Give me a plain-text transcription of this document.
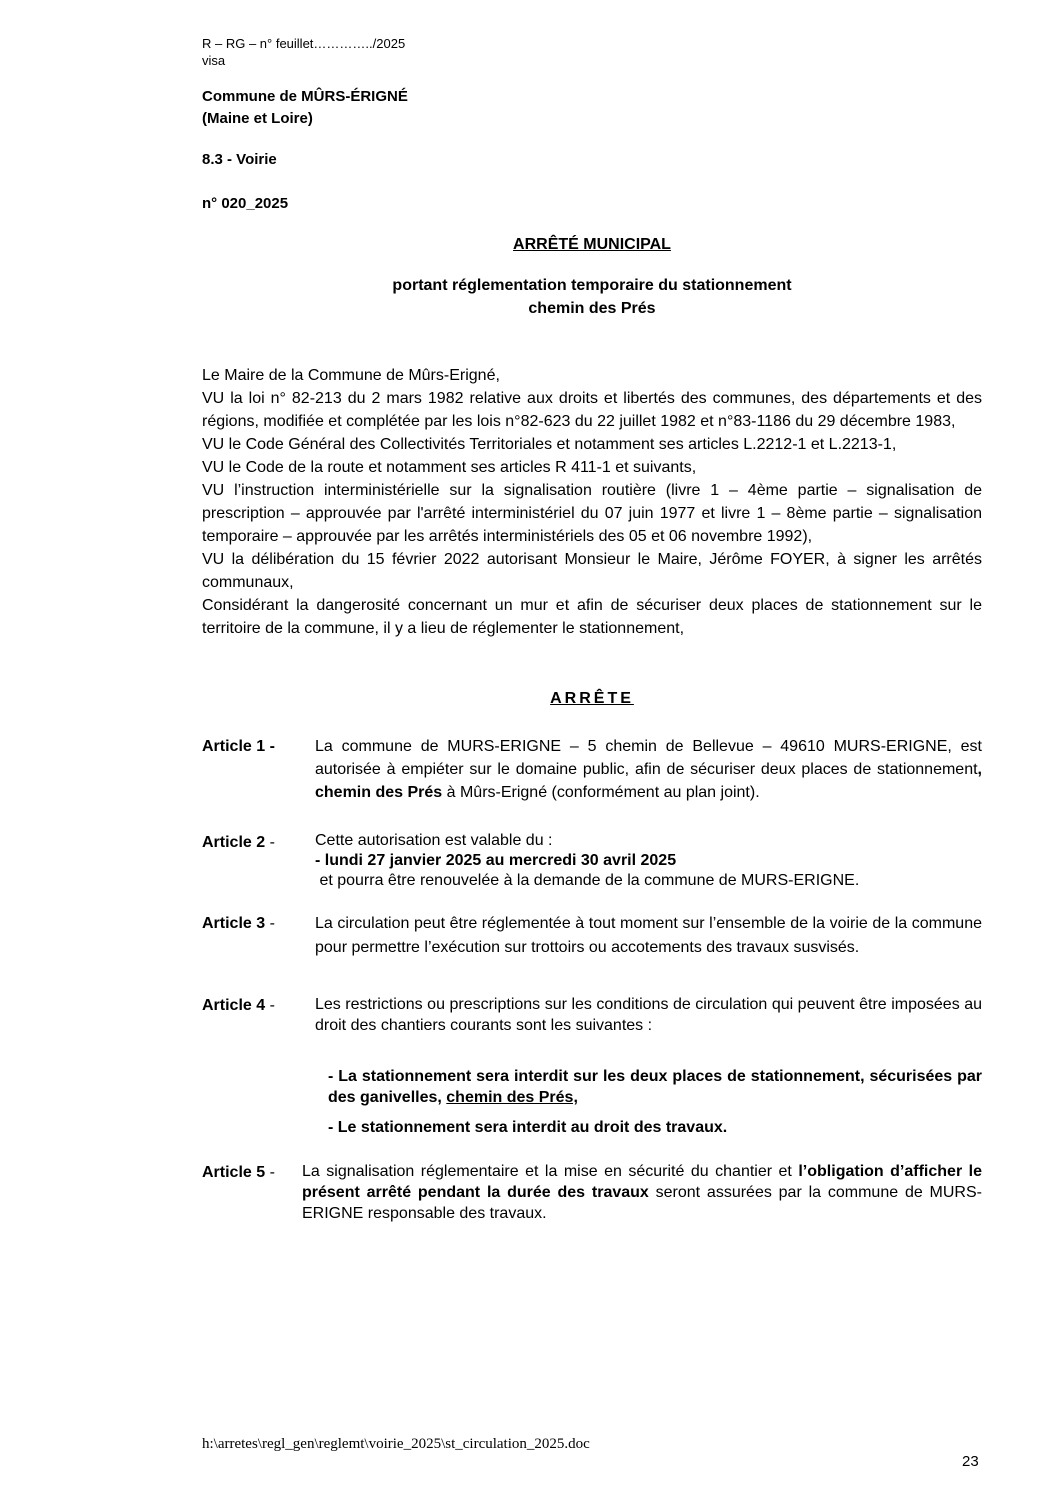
R – RG – n° feuillet…………../2025
visa
Commune de MÛRS-ÉRIGNÉ
(Maine et Loire)
8.3 - Voirie
n° 020_2025
ARRÊTÉ MUNICIPAL
portant réglementation temporaire du stationnement
chemin des Prés

Le Maire de la Commune de Mûrs-Erigné,

VU la loi n° 82-213 du 2 mars 1982 relative aux droits et libertés des communes, des départements et des régions, modifiée et complétée par les lois n°82-623 du 22 juillet 1982 et n°83-1186 du 29 décembre 1983,

VU le Code Général des Collectivités Territoriales et notamment ses articles L.2212-1 et L.2213-1,

VU le Code de la route et notamment ses articles R 411-1 et suivants,

VU l’instruction interministérielle sur la signalisation routière (livre 1 – 4ème partie – signalisation de prescription – approuvée par l'arrêté interministériel du 07 juin 1977 et livre 1 – 8ème partie – signalisation temporaire – approuvée par les arrêtés interministériels des 05 et 06 novembre 1992),

VU la délibération du 15 février 2022 autorisant Monsieur le Maire, Jérôme FOYER, à signer les arrêtés communaux,

Considérant la dangerosité concernant un mur et afin de sécuriser deux places de stationnement sur le territoire de la commune, il y a lieu de réglementer le stationnement,

ARRÊTE
Article 1 -	La commune de MURS-ERIGNE – 5 chemin de Bellevue – 49610 MURS-ERIGNE, est autorisée à empiéter sur le domaine public, afin de sécuriser deux places de stationnement, chemin des Prés à Mûrs-Erigné (conformément au plan joint).
Article 2 -	Cette autorisation est valable du :

- lundi 27 janvier 2025 au mercredi 30 avril 2025

et pourra être renouvelée à la demande de la commune de MURS-ERIGNE.

Article 3 -	La circulation peut être réglementée à tout moment sur l’ensemble de la voirie de la commune pour permettre l’exécution sur trottoirs ou accotements des travaux susvisés.
Article 4 -	Les restrictions ou prescriptions sur les conditions de circulation qui peuvent être imposées au droit des chantiers courants sont les suivantes :
- La stationnement sera interdit sur les deux places de stationnement, sécurisées par des ganivelles, chemin des Prés,
- Le stationnement sera interdit au droit des travaux.
Article 5 - La signalisation réglementaire et la mise en sécurité du chantier et l’obligation d’afficher le présent arrêté pendant la durée des travaux seront assurées par la commune de MURS-ERIGNE responsable des travaux.
h:\arretes\regl_gen\reglemt\voirie_2025\st_circulation_2025.doc
23
